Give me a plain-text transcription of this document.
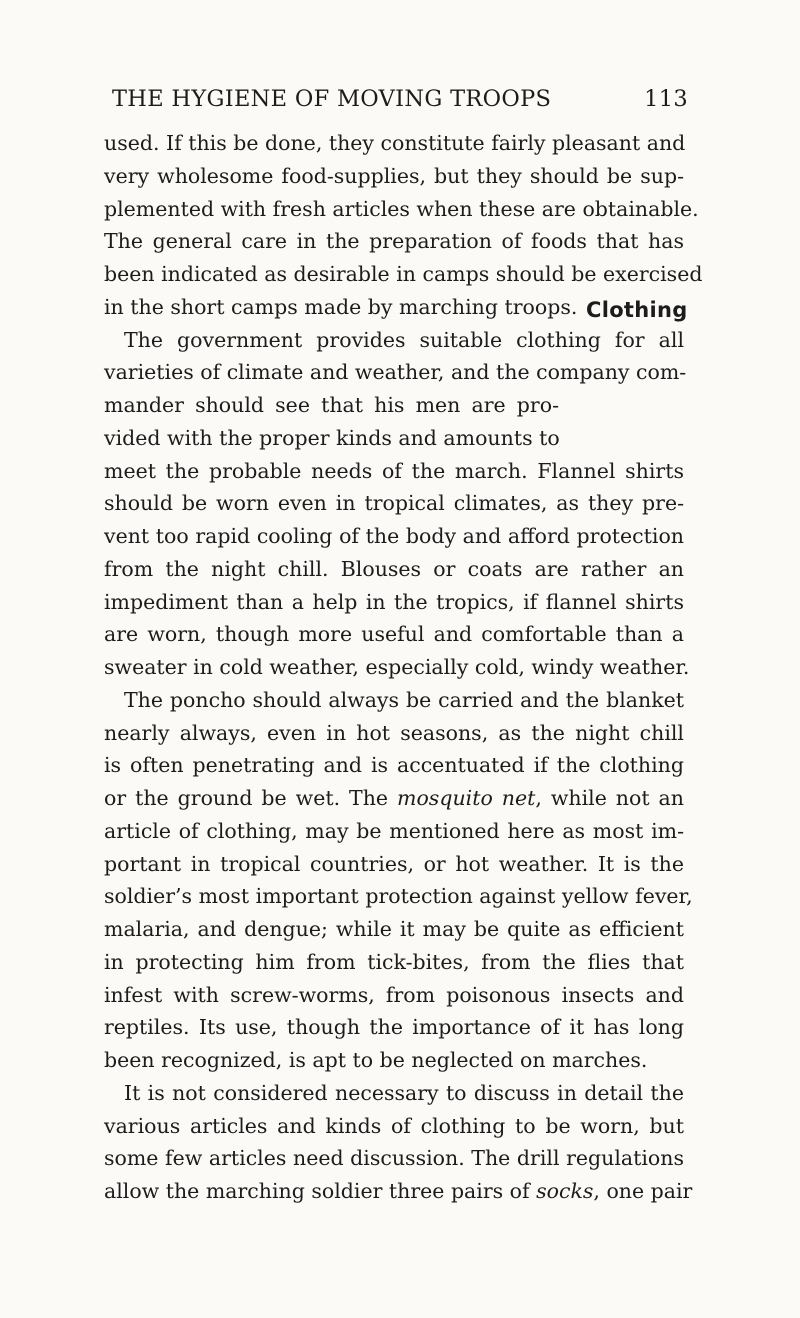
THE HYGIENE OF MOVING TROOPS	113
used. If this be done, they constitute fairly pleasant and
very wholesome food-supplies, but they should be sup-
plemented with fresh articles when these are obtainable.
The general care in the preparation of foods that has
been indicated as desirable in camps should be exercised
in the short camps made by marching troops.
The government provides suitable clothing for all
varieties of climate and weather, and the company com-
mander should see that his men are pro-
vided with the proper kinds and amounts to
meet the probable needs of the march. Flannel shirts
should be worn even in tropical climates, as they pre-
vent too rapid cooling of the body and afford protection
from the night chill. Blouses or coats are rather an
impediment than a help in the tropics, if flannel shirts
are worn, though more useful and comfortable than a
sweater in cold weather, especially cold, windy weather.
The poncho should always be carried and the blanket
nearly always, even in hot seasons, as the night chill
is often penetrating and is accentuated if the clothing
or the ground be wet. The mosquito net, while not an
article of clothing, may be mentioned here as most im-
portant in tropical countries, or hot weather. It is the
soldier’s most important protection against yellow fever,
malaria, and dengue; while it may be quite as efficient
in protecting him from tick-bites, from the flies that
infest with screw-worms, from poisonous insects and
reptiles. Its use, though the importance of it has long
been recognized, is apt to be neglected on marches.
It is not considered necessary to discuss in detail the
various articles and kinds of clothing to be worn, but
some few articles need discussion. The drill regulations
allow the marching soldier three pairs of socks, one pair
Clothing
